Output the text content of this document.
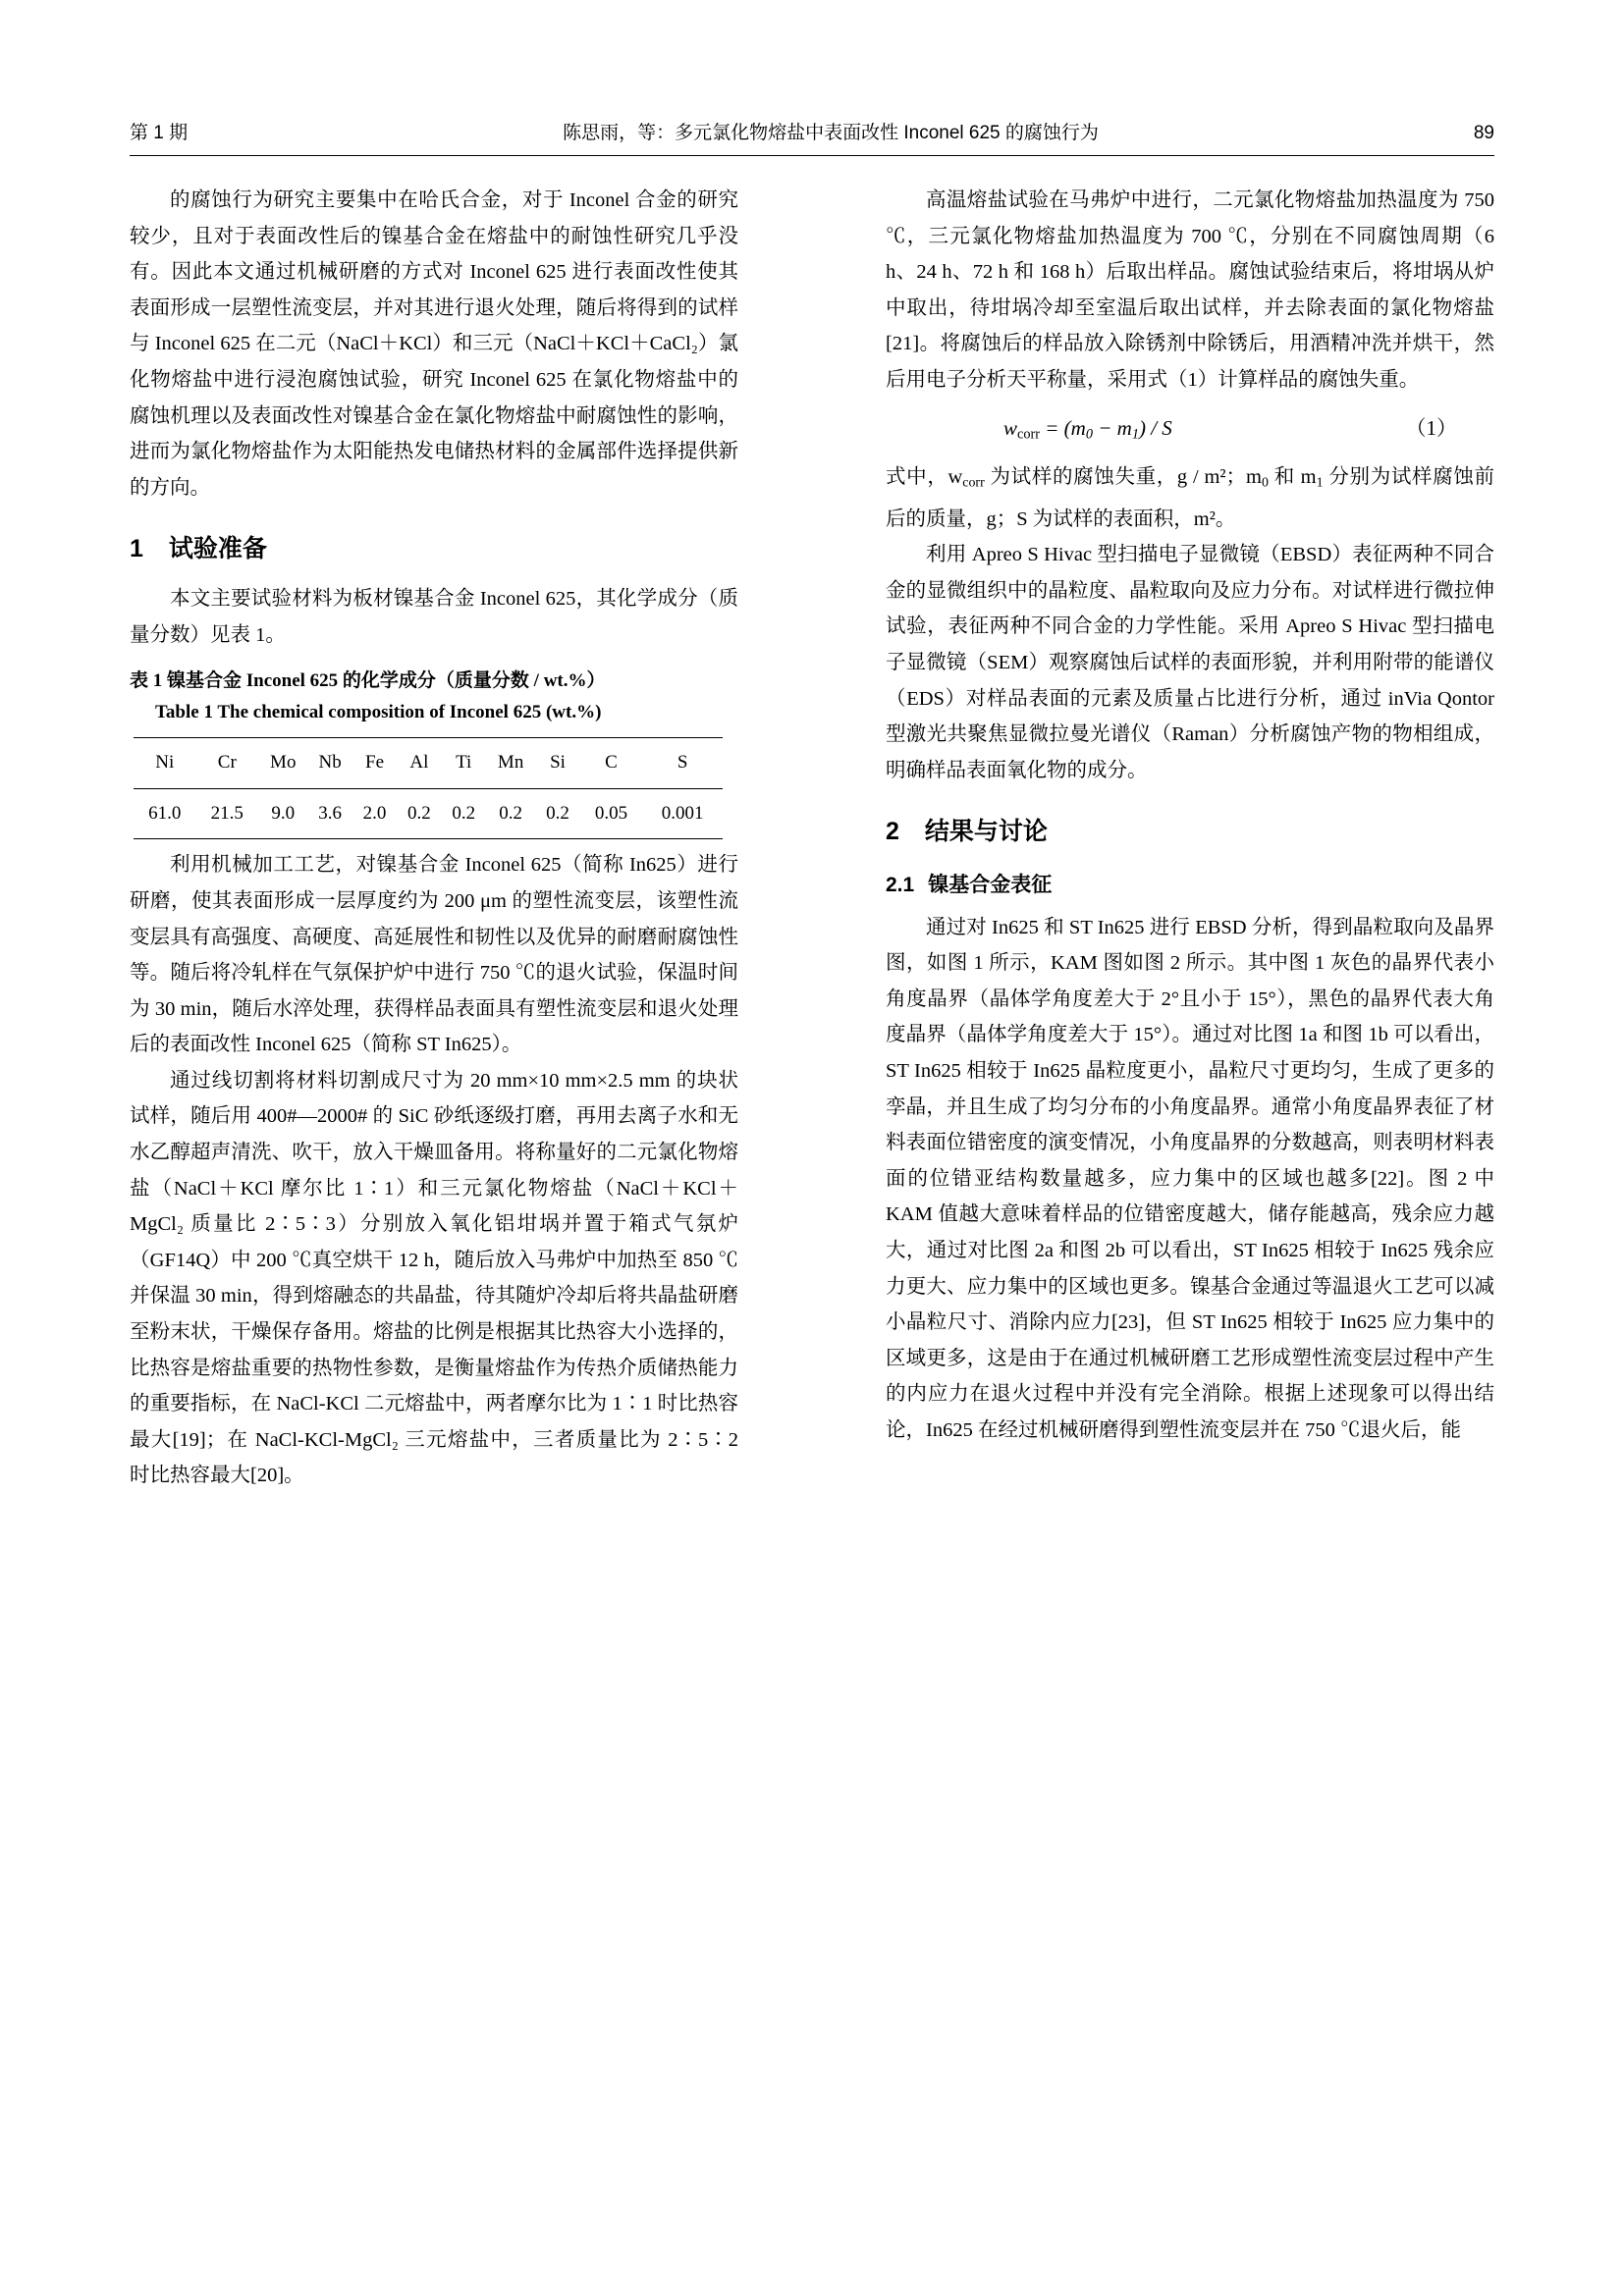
第 1 期	陈思雨，等：多元氯化物熔盐中表面改性 Inconel 625 的腐蚀行为	89

的腐蚀行为研究主要集中在哈氏合金，对于 Inconel 合金的研究较少，且对于表面改性后的镍基合金在熔盐中的耐蚀性研究几乎没有。因此本文通过机械研磨的方式对 Inconel 625 进行表面改性使其表面形成一层塑性流变层，并对其进行退火处理，随后将得到的试样与 Inconel 625 在二元（NaCl＋KCl）和三元（NaCl＋KCl＋CaCl₂）氯化物熔盐中进行浸泡腐蚀试验，研究 Inconel 625 在氯化物熔盐中的腐蚀机理以及表面改性对镍基合金在氯化物熔盐中耐腐蚀性的影响，进而为氯化物熔盐作为太阳能热发电储热材料的金属部件选择提供新的方向。

1 试验准备

本文主要试验材料为板材镍基合金 Inconel 625，其化学成分（质量分数）见表 1。

表 1 镍基合金 Inconel 625 的化学成分（质量分数 / wt.%）
Table 1 The chemical composition of Inconel 625 (wt.%)
Ni	Cr	Mo	Nb	Fe	Al	Ti	Mn	Si	C	S
61.0	21.5	9.0	3.6	2.0	0.2	0.2	0.2	0.2	0.05	0.001

利用机械加工工艺，对镍基合金 Inconel 625（简称 In625）进行研磨，使其表面形成一层厚度约为 200 μm 的塑性流变层，该塑性流变层具有高强度、高硬度、高延展性和韧性以及优异的耐磨耐腐蚀性等。随后将冷轧样在气氛保护炉中进行 750 ℃的退火试验，保温时间为 30 min，随后水淬处理，获得样品表面具有塑性流变层和退火处理后的表面改性 Inconel 625（简称 ST In625）。

通过线切割将材料切割成尺寸为 20 mm×10 mm×2.5 mm 的块状试样，随后用 400#—2000# 的 SiC 砂纸逐级打磨，再用去离子水和无水乙醇超声清洗、吹干，放入干燥皿备用。将称量好的二元氯化物熔盐（NaCl＋KCl 摩尔比 1∶1）和三元氯化物熔盐（NaCl＋KCl＋MgCl₂ 质量比 2∶5∶3）分别放入氧化铝坩埚并置于箱式气氛炉（GF14Q）中 200 ℃真空烘干 12 h，随后放入马弗炉中加热至 850 ℃并保温 30 min，得到熔融态的共晶盐，待其随炉冷却后将共晶盐研磨至粉末状，干燥保存备用。熔盐的比例是根据其比热容大小选择的，比热容是熔盐重要的热物性参数，是衡量熔盐作为传热介质储热能力的重要指标，在 NaCl-KCl 二元熔盐中，两者摩尔比为 1∶1 时比热容最大[19]；在 NaCl-KCl-MgCl₂ 三元熔盐中，三者质量比为 2∶5∶2 时比热容最大[20]。

高温熔盐试验在马弗炉中进行，二元氯化物熔盐加热温度为 750 ℃，三元氯化物熔盐加热温度为 700 ℃，分别在不同腐蚀周期（6 h、24 h、72 h 和 168 h）后取出样品。腐蚀试验结束后，将坩埚从炉中取出，待坩埚冷却至室温后取出试样，并去除表面的氯化物熔盐[21]。将腐蚀后的样品放入除锈剂中除锈后，用酒精冲洗并烘干，然后用电子分析天平称量，采用式（1）计算样品的腐蚀失重。

$w_{corr} = (m_0 - m_1) / S$	（1）

式中，$w_{corr}$ 为试样的腐蚀失重，g / m²；$m_0$ 和 $m_1$ 分别为试样腐蚀前后的质量，g；S 为试样的表面积，m²。

利用 Apreo S Hivac 型扫描电子显微镜（EBSD）表征两种不同合金的显微组织中的晶粒度、晶粒取向及应力分布。对试样进行微拉伸试验，表征两种不同合金的力学性能。采用 Apreo S Hivac 型扫描电子显微镜（SEM）观察腐蚀后试样的表面形貌，并利用附带的能谱仪（EDS）对样品表面的元素及质量占比进行分析，通过 inVia Qontor 型激光共聚焦显微拉曼光谱仪（Raman）分析腐蚀产物的物相组成，明确样品表面氧化物的成分。

2 结果与讨论
2.1 镍基合金表征

通过对 In625 和 ST In625 进行 EBSD 分析，得到晶粒取向及晶界图，如图 1 所示，KAM 图如图 2 所示。其中图 1 灰色的晶界代表小角度晶界（晶体学角度差大于 2°且小于 15°），黑色的晶界代表大角度晶界（晶体学角度差大于 15°）。通过对比图 1a 和图 1b 可以看出，ST In625 相较于 In625 晶粒度更小，晶粒尺寸更均匀，生成了更多的孪晶，并且生成了均匀分布的小角度晶界。通常小角度晶界表征了材料表面位错密度的演变情况，小角度晶界的分数越高，则表明材料表面的位错亚结构数量越多，应力集中的区域也越多[22]。图 2 中 KAM 值越大意味着样品的位错密度越大，储存能越高，残余应力越大，通过对比图 2a 和图 2b 可以看出，ST In625 相较于 In625 残余应力更大、应力集中的区域也更多。镍基合金通过等温退火工艺可以减小晶粒尺寸、消除内应力[23]，但 ST In625 相较于 In625 应力集中的区域更多，这是由于在通过机械研磨工艺形成塑性流变层过程中产生的内应力在退火过程中并没有完全消除。根据上述现象可以得出结论，In625 在经过机械研磨得到塑性流变层并在 750 ℃退火后，能
